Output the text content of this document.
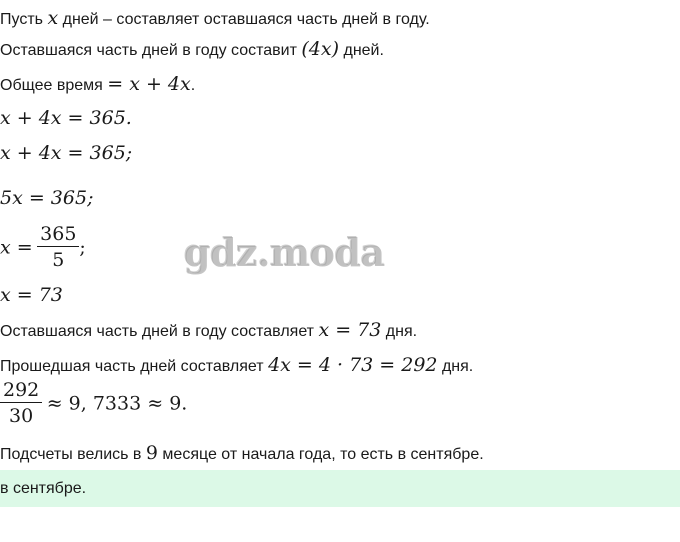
Пусть x дней – составляет оставшаяся часть дней в году.
Оставшаяся часть дней в году составит (4x) дней.
Общее время = x + 4x.
x + 4x = 365.
x + 4x = 365;
5x = 365;
$x = \frac{365}{5}$ ;
x = 73
Оставшаяся часть дней в году составляет x = 73 дня.
Прошедшая часть дней составляет 4x = 4 · 73 = 292 дня.
$\frac{292}{30} \approx 9$, 7333 ≈ 9.
Подсчеты велись в 9 месяце от начала года, то есть в сентябре.
gdz.moda
в сентябре.
